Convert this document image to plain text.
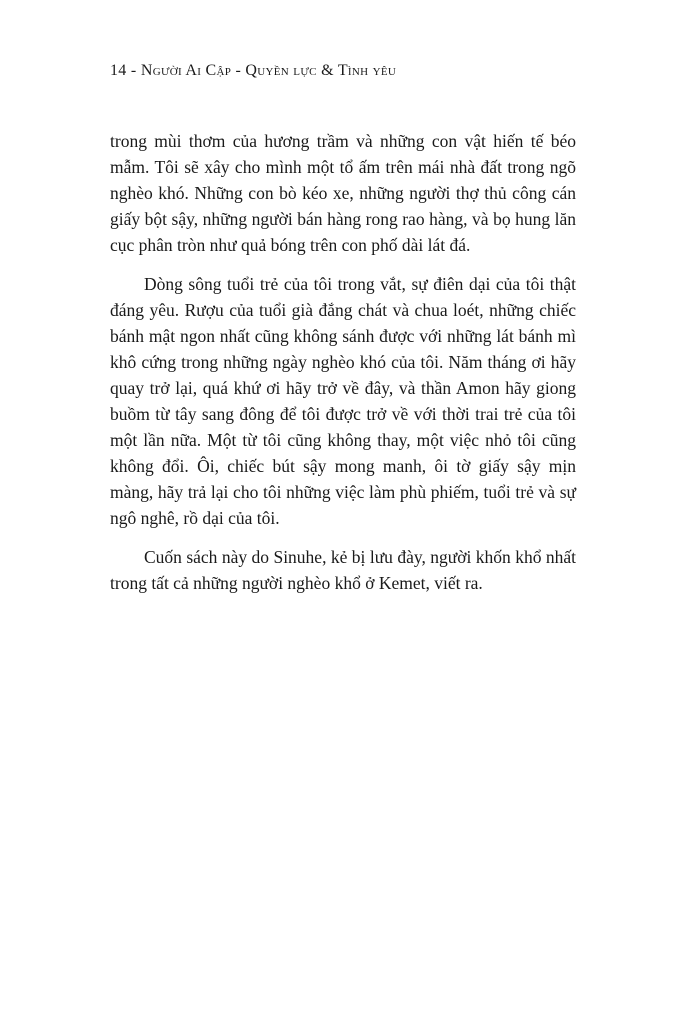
14 - Người Ai Cập - Quyền lực & Tình yêu

trong mùi thơm của hương trầm và những con vật hiến tế béo mẫm. Tôi sẽ xây cho mình một tổ ấm trên mái nhà đất trong ngõ nghèo khó. Những con bò kéo xe, những người thợ thủ công cán giấy bột sậy, những người bán hàng rong rao hàng, và bọ hung lăn cục phân tròn như quả bóng trên con phố dài lát đá.

Dòng sông tuổi trẻ của tôi trong vắt, sự điên dại của tôi thật đáng yêu. Rượu của tuổi già đắng chát và chua loét, những chiếc bánh mật ngon nhất cũng không sánh được với những lát bánh mì khô cứng trong những ngày nghèo khó của tôi. Năm tháng ơi hãy quay trở lại, quá khứ ơi hãy trở về đây, và thần Amon hãy giong buồm từ tây sang đông để tôi được trở về với thời trai trẻ của tôi một lần nữa. Một từ tôi cũng không thay, một việc nhỏ tôi cũng không đổi. Ôi, chiếc bút sậy mong manh, ôi tờ giấy sậy mịn màng, hãy trả lại cho tôi những việc làm phù phiếm, tuổi trẻ và sự ngô nghê, rồ dại của tôi.

Cuốn sách này do Sinuhe, kẻ bị lưu đày, người khốn khổ nhất trong tất cả những người nghèo khổ ở Kemet, viết ra.
